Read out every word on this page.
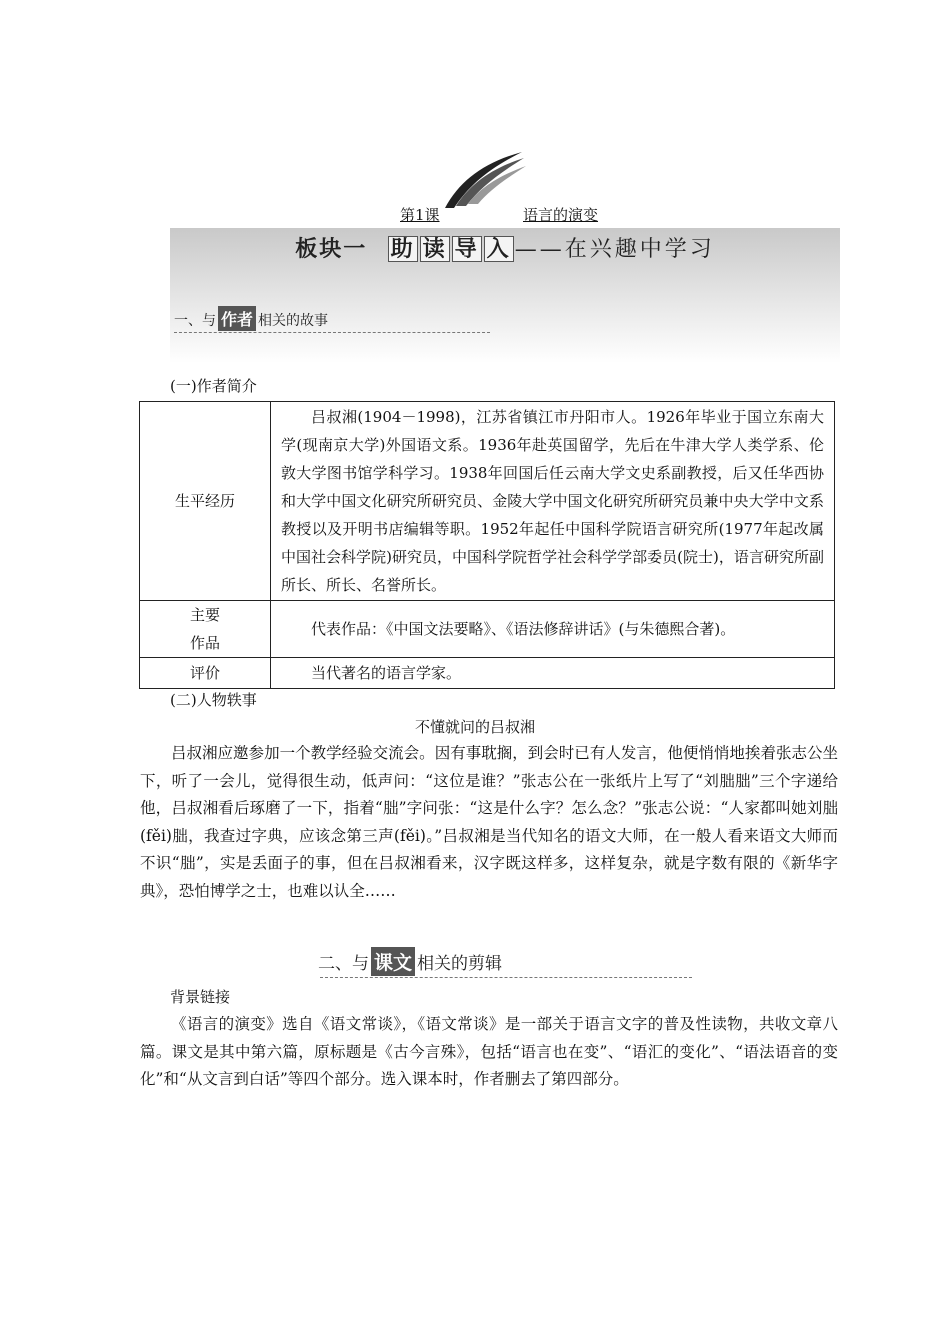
第1课	语言的演变
板块一 助 读 导 入 ——在兴趣中学习
一、与 作者 相关的故事
(一)作者简介
生平经历	吕叔湘(1904－1998)，江苏省镇江市丹阳市人。1926年毕业于国立东南大学(现南京大学)外国语文系。1936年赴英国留学，先后在牛津大学人类学系、伦敦大学图书馆学科学习。1938年回国后任云南大学文史系副教授，后又任华西协和大学中国文化研究所研究员、金陵大学中国文化研究所研究员兼中央大学中文系教授以及开明书店编辑等职。1952年起任中国科学院语言研究所(1977年起改属中国社会科学院)研究员，中国科学院哲学社会科学学部委员(院士)，语言研究所副所长、所长、名誉所长。

主要
作品	代表作品：《中国文法要略》、《语法修辞讲话》(与朱德熙合著)。

评价	当代著名的语言学家。
(二)人物轶事
不懂就问的吕叔湘

吕叔湘应邀参加一个教学经验交流会。因有事耽搁，到会时已有人发言，他便悄悄地挨着张志公坐下，听了一会儿，觉得很生动，低声问：“这位是谁？”张志公在一张纸片上写了“刘朏朏”三个字递给他，吕叔湘看后琢磨了一下，指着“朏”字问张：“这是什么字？怎么念？”张志公说：“人家都叫她刘朏(fěi)朏，我查过字典，应该念第三声(fěi)。”吕叔湘是当代知名的语文大师，在一般人看来语文大师而不识“朏”，实是丢面子的事，但在吕叔湘看来，汉字既这样多，这样复杂，就是字数有限的《新华字典》，恐怕博学之士，也难以认全……

二、与 课文 相关的剪辑
背景链接

《语言的演变》选自《语文常谈》，《语文常谈》是一部关于语言文字的普及性读物，共收文章八篇。课文是其中第六篇，原标题是《古今言殊》，包括“语言也在变”、“语汇的变化”、“语法语音的变化”和“从文言到白话”等四个部分。选入课本时，作者删去了第四部分。
